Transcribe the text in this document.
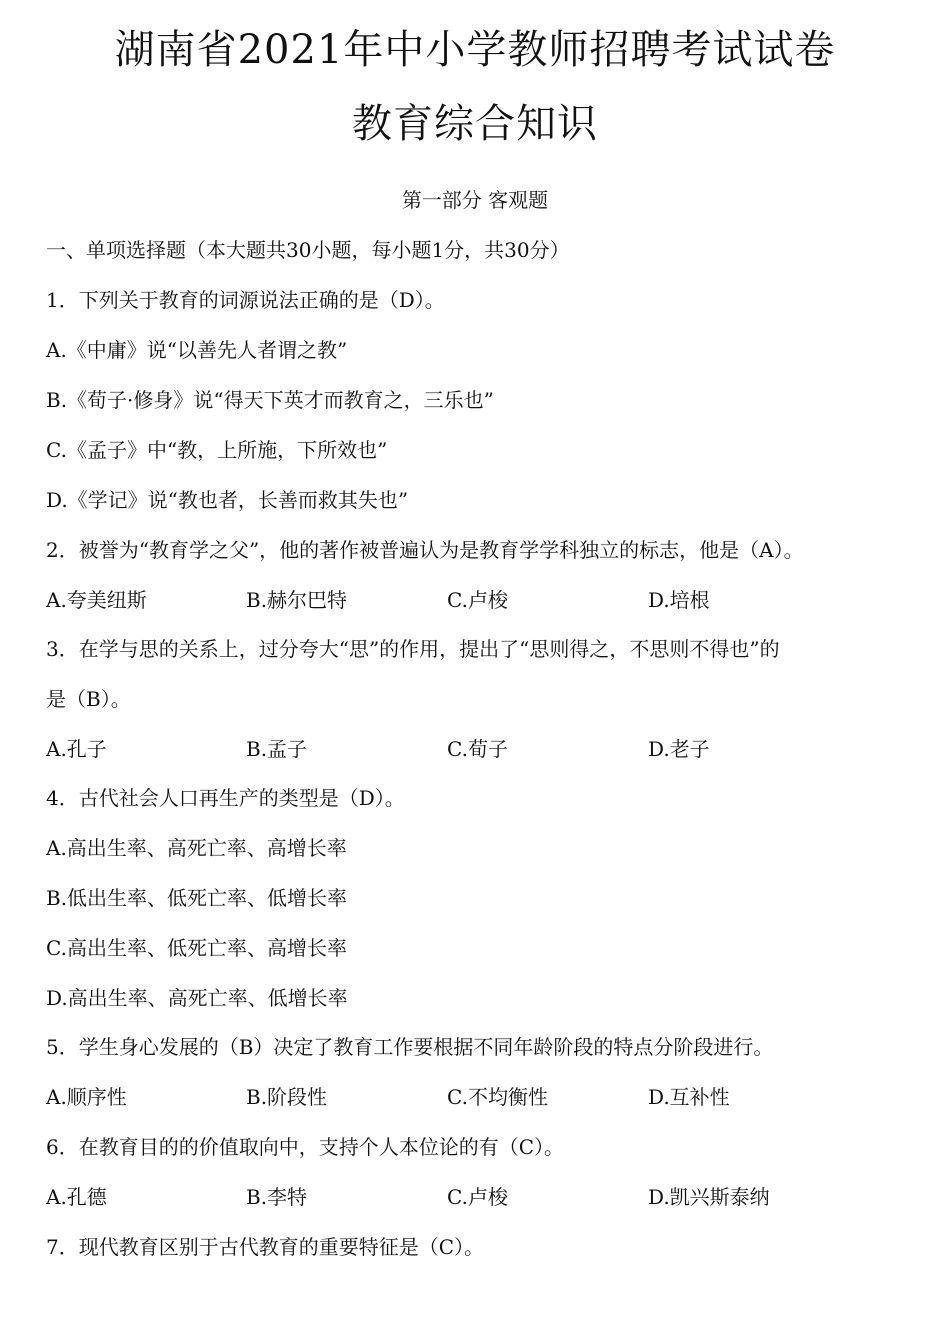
湖南省2021年中小学教师招聘考试试卷
教育综合知识
第一部分 客观题
一、单项选择题（本大题共30小题，每小题1分，共30分）
1．下列关于教育的词源说法正确的是（D）。
A.《中庸》说“以善先人者谓之教”
B.《荀子·修身》说“得天下英才而教育之，三乐也”
C.《孟子》中“教，上所施，下所效也”
D.《学记》说“教也者，长善而救其失也”
2．被誉为“教育学之父”，他的著作被普遍认为是教育学学科独立的标志，他是（A）。
A.夸美纽斯	B.赫尔巴特	C.卢梭	D.培根
3．在学与思的关系上，过分夸大“思”的作用，提出了“思则得之，不思则不得也”的
是（B）。
A.孔子	B.孟子	C.荀子	D.老子
4．古代社会人口再生产的类型是（D）。
A.高出生率、高死亡率、高增长率
B.低出生率、低死亡率、低增长率
C.高出生率、低死亡率、高增长率
D.高出生率、高死亡率、低增长率
5．学生身心发展的（B）决定了教育工作要根据不同年龄阶段的特点分阶段进行。
A.顺序性	B.阶段性	C.不均衡性	D.互补性
6．在教育目的的价值取向中，支持个人本位论的有（C）。
A.孔德	B.李特	C.卢梭	D.凯兴斯泰纳
7．现代教育区别于古代教育的重要特征是（C）。
